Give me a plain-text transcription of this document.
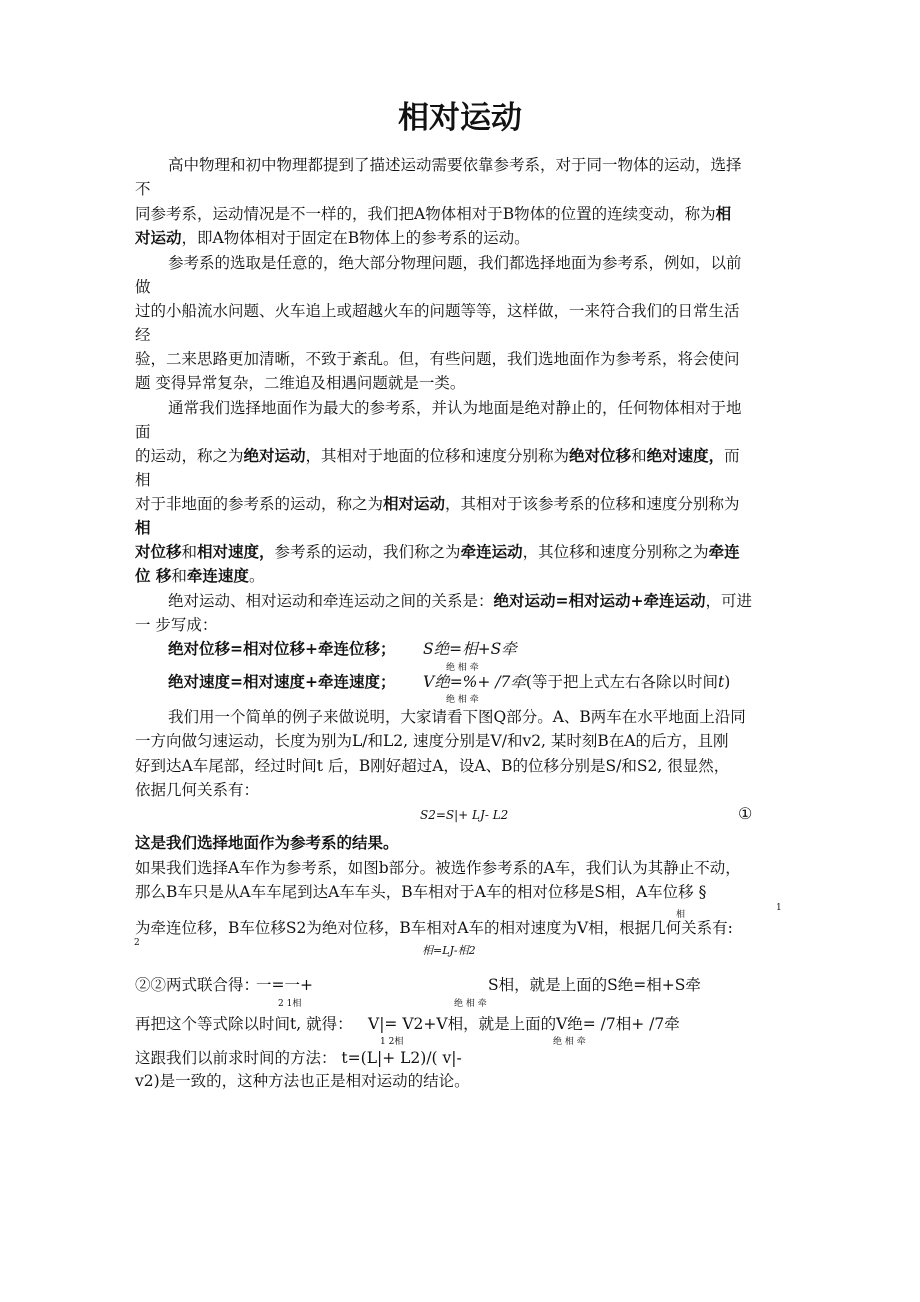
相对运动
高中物理和初中物理都提到了描述运动需要依靠参考系，对于同一物体的运动，选择
不
同参考系，运动情况是不一样的，我们把A物体相对于B物体的位置的连续变动，称为相
对运动，即A物体相对于固定在B物体上的参考系的运动。
参考系的选取是任意的，绝大部分物理问题，我们都选择地面为参考系，例如，以前
做
过的小船流水问题、火车追上或超越火车的问题等等，这样做，一来符合我们的日常生活
经
验，二来思路更加清晰，不致于紊乱。但，有些问题，我们选地面作为参考系，将会使问
题 变得异常复杂，二维追及相遇问题就是一类。
通常我们选择地面作为最大的参考系，并认为地面是绝对静止的，任何物体相对于地
面
的运动，称之为绝对运动，其相对于地面的位移和速度分别称为绝对位移和绝对速度，而
相
对于非地面的参考系的运动，称之为相对运动，其相对于该参考系的位移和速度分别称为
相
对位移和相对速度，参考系的运动，我们称之为牵连运动，其位移和速度分别称之为牵连
位 移和牵连速度。
绝对运动、相对运动和牵连运动之间的关系是：绝对运动=相对运动+牵连运动，可进
一 步写成：
绝对位移=相对位移+牵连位移； S绝=相+S牵
绝 相 牵
绝对速度=相对速度+牵连速度； V绝=%+ /7牵(等于把上式左右各除以时间t)
绝 相 牵
我们用一个简单的例子来做说明，大家请看下图Q部分。A、B两车在水平地面上沿同
一方向做匀速运动，长度为别为L/和L2, 速度分别是V/和v2, 某时刻B在A的后方，且刚
好到达A车尾部，经过时间t 后，B刚好超过A，设A、B的位移分别是S/和S2, 很显然，
依据几何关系有：
S2=S|+ LJ- L2	①
这是我们选择地面作为参考系的结果。
如果我们选择A车作为参考系，如图b部分。被选作参考系的A车，我们认为其静止不动，
那么B车只是从A车车尾到达A车车头，B车相对于A车的相对位移是S相，A车位移 §
相
1
为牵连位移，B车位移S2为绝对位移，B车相对A车的相对速度为V相，根据几何关系有:
2
相=LJ-相2
②②两式联合得：
一=一+	S相，就是上面的S绝=相+S牵
2 1相	绝 相 牵
再把这个等式除以时间t, 就得： V|= V2+V相，就是上面的V绝= /7相+ /7牵
1 2相	绝 相 牵
这跟我们以前求时间的方法： t=(L|+ L2)/( v|-
v2)是一致的，这种方法也正是相对运动的结论。
